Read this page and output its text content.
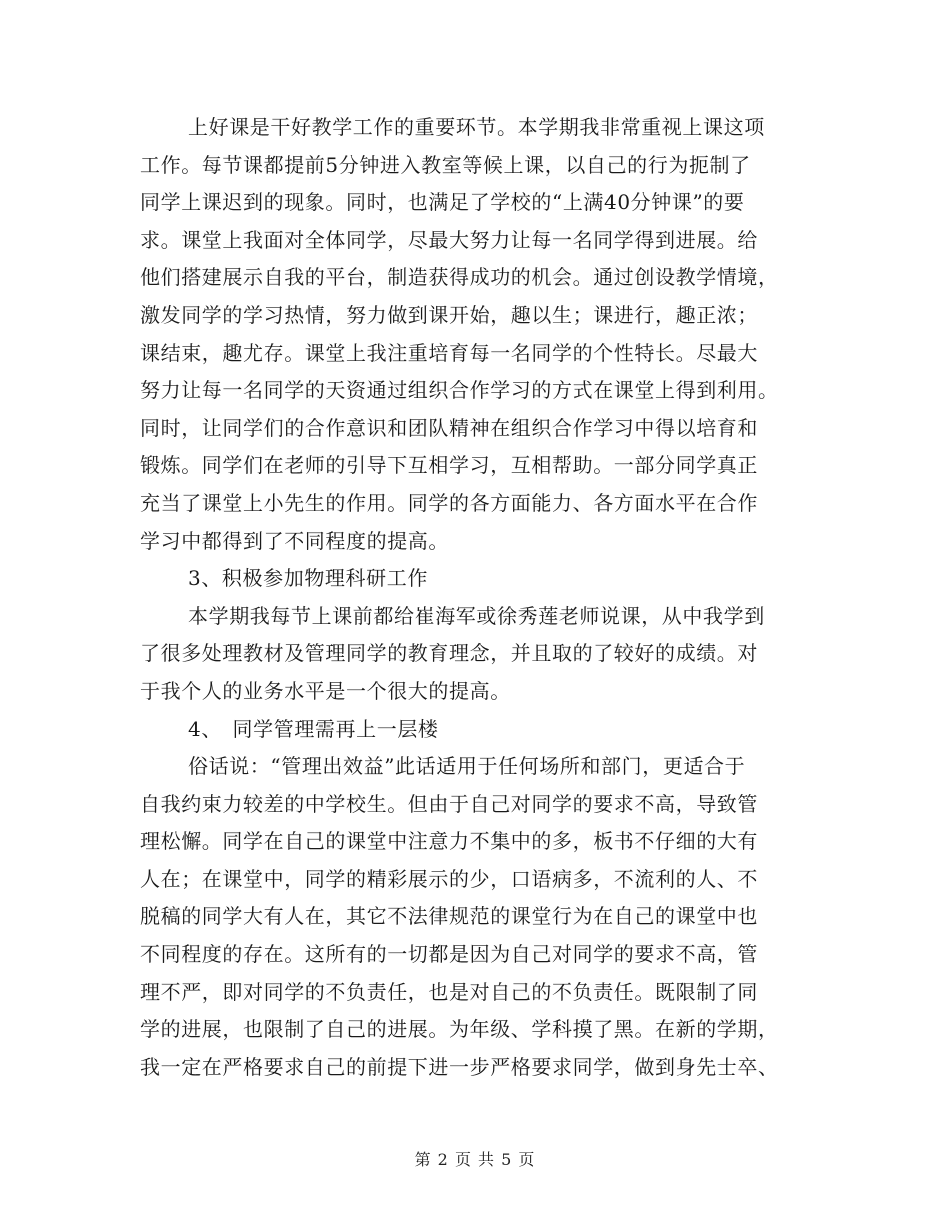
上好课是干好教学工作的重要环节。本学期我非常重视上课这项
工作。每节课都提前5分钟进入教室等候上课，以自己的行为扼制了
同学上课迟到的现象。同时，也满足了学校的“上满40分钟课”的要
求。课堂上我面对全体同学，尽最大努力让每一名同学得到进展。给
他们搭建展示自我的平台，制造获得成功的机会。通过创设教学情境，
激发同学的学习热情，努力做到课开始，趣以生；课进行，趣正浓；
课结束，趣尤存。课堂上我注重培育每一名同学的个性特长。尽最大
努力让每一名同学的天资通过组织合作学习的方式在课堂上得到利用。
同时，让同学们的合作意识和团队精神在组织合作学习中得以培育和
锻炼。同学们在老师的引导下互相学习，互相帮助。一部分同学真正
充当了课堂上小先生的作用。同学的各方面能力、各方面水平在合作
学习中都得到了不同程度的提高。
3、积极参加物理科研工作
本学期我每节上课前都给崔海军或徐秀莲老师说课，从中我学到
了很多处理教材及管理同学的教育理念，并且取的了较好的成绩。对
于我个人的业务水平是一个很大的提高。
4、　同学管理需再上一层楼
俗话说：“管理出效益”此话适用于任何场所和部门，更适合于
自我约束力较差的中学校生。但由于自己对同学的要求不高，导致管
理松懈。同学在自己的课堂中注意力不集中的多，板书不仔细的大有
人在；在课堂中，同学的精彩展示的少，口语病多，不流利的人、不
脱稿的同学大有人在，其它不法律规范的课堂行为在自己的课堂中也
不同程度的存在。这所有的一切都是因为自己对同学的要求不高，管
理不严，即对同学的不负责任，也是对自己的不负责任。既限制了同
学的进展，也限制了自己的进展。为年级、学科摸了黑。在新的学期，
我一定在严格要求自己的前提下进一步严格要求同学，做到身先士卒、
第 2 页 共 5 页
